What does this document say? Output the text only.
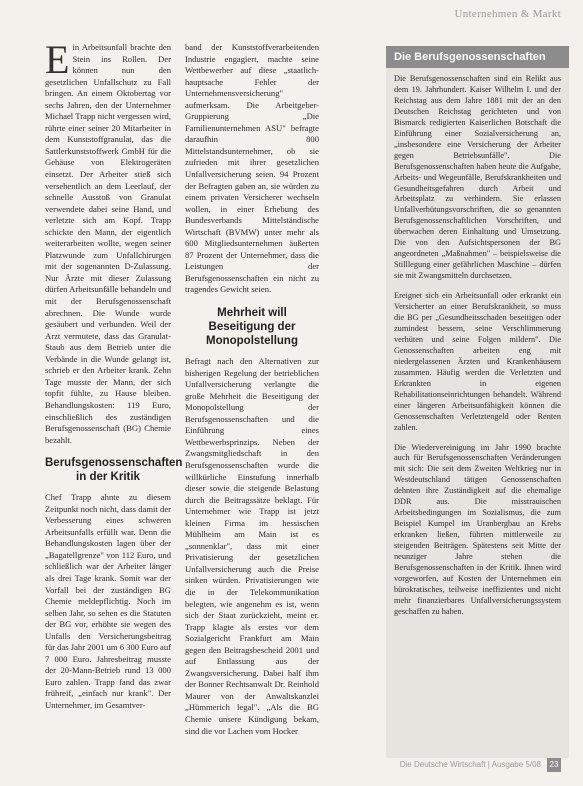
Unternehmen & Markt

Ein Arbeitsunfall brachte den Stein ins Rollen. Der können nun den gesetzlichen Unfallschutz zu Fall bringen. An einem Oktobertag vor sechs Jahren, den der Unternehmer Michael Trapp nicht vergessen wird, rührte einer seiner 20 Mitarbeiter in dem Kunststoffgranulat, das die Sattlerkunststoffwerk GmbH für die Gehäuse von Elektrogeräten einsetzt. Der Arbeiter stieß sich versehentlich an dem Leerlauf, der schnelle Ausstoß von Granulat verwendete dabei seine Hand, und verletzte sich am Kopf. Trapp schickte den Mann, der eigentlich weiterarbeiten wollte, wegen seiner Platzwunde zum Unfallchirurgen mit der sogenannten D-Zulassung. Nur Ärzte mit dieser Zulassung dürfen Arbeitsunfälle behandeln und mit der Berufsgenossenschaft abrechnen. Die Wunde wurde gesäubert und verbunden. Weil der Arzt vermutete, dass das Granulat-Staub aus dem Betrieb unter die Verbände in die Wunde gelangt ist, schrieb er den Arbeiter krank. Zehn Tage musste der Mann, der sich topfit fühlte, zu Hause bleiben. Behandlungskosten: 119 Euro, einschließlich des zuständigen Berufsgenossenschaft (BG) Chemie bezahlt.

Berufsgenossenschaften in der Kritik

Chef Trapp ahnte zu diesem Zeitpunkt noch nicht, dass damit der Verbesserung eines schweren Arbeitsunfalls erfüllt war. Denn die Behandlungskosten lagen über der „Bagatellgrenze" von 112 Euro, und schließlich war der Arbeiter länger als drei Tage krank. Somit war der Vorfall bei der zuständigen BG Chemie meldepflichtig. Noch im selben Jahr, so sehen es die Statuten der BG vor, erhöhte sie wegen des Unfalls den Versicherungsbeitrag für das Jahr 2001 um 6 300 Euro auf 7 000 Euro. Jahresbeitrag musste der 20-Mann-Betrieb rund 13 000 Euro zahlen. Trapp fand das zwar frühreif, „einfach nur krank". Der Unternehmer, im Gesamtver-

band der Kunststoffverarbeitenden Industrie engagiert, machte seine Wettbewerber auf diese „staatlich-hauptsache Fehler der Unternehmensversicherung" aufmerksam. Die Arbeitgeber-Gruppierung „Die Familienunternehmen ASU" befragte daraufhin 800 Mittelstandsunternehmer, ob sie zufrieden mit ihrer gesetzlichen Unfallversicherung seien. 94 Prozent der Befragten gaben an, sie würden zu einem privaten Versicherer wechseln wollen, in einer Erhebung des Bundesverbands Mittelständische Wirtschaft (BVMW) unter mehr als 600 Mitgliedsunternehmen äußerten 87 Prozent der Unternehmer, dass die Leistungen der Berufsgenossenschaften ein nicht zu tragendes Gewicht seien.

Mehrheit will Beseitigung der Monopolstellung

Befragt nach den Alternativen zur bisherigen Regelung der betrieblichen Unfallversicherung verlangte die große Mehrheit die Beseitigung der Monopolstellung der Berufsgenossenschaften und die Einführung eines Wettbewerbsprinzips. Neben der Zwangsmitgliedschaft in den Berufsgenossenschaften wurde die willkürliche Einstufung innerhalb dieser sowie die steigende Belastung durch die Beitragssätze beklagt. Für Unternehmer wie Trapp ist jetzt kleinen Firma im hessischen Mühlheim am Main ist es „sonnenklar", dass mit einer Privatisierung der gesetzlichen Unfallversicherung auch die Preise sinken würden. Privatisierungen wie die in der Telekommunikation belegten, wie angenehm es ist, wenn sich der Staat zurückzieht, meint er. Trapp klagte als erstes vor dem Sozialgericht Frankfurt am Main gegen den Beitragsbescheid 2001 und auf Entlassung aus der Zwangsversicherung. Dabei half ihm der Bonner Rechtsanwalt Dr. Reinhold Maurer von der Anwaltskanzlei „Hümmerich legal". „Als die BG Chemie unsere Kündigung bekam, sind die vor Lachen vom Hocker

Die Berufsgenossenschaften

Die Berufsgenossenschaften sind ein Relikt aus dem 19. Jahrhundert. Kaiser Wilhelm I. und der Reichstag aus dem Jahre 1881 mit der an den Deutschen Reichstag gerichteten und von Bismarck redigierten Kaiserlichen Botschaft die Einführung einer Sozialversicherung an, „insbesondere eine Versicherung der Arbeiter gegen Betriebsunfälle". Die Berufsgenossenschaften haben heute die Aufgabe, Arbeits- und Wegeunfälle, Berufskrankheiten und Gesundheitsgefahren durch Arbeit und Arbeitsplatz zu verhindern. Sie erlassen Unfallverhütungsvorschriften, die so genannten Berufsgenossenschaftlichen Vorschriften, und überwachen deren Einhaltung und Umsetzung. Die von den Aufsichtspersonen der BG angeordneten „Maßnahmen" – beispielsweise die Stilllegung einer gefährlichen Maschine – dürfen sie mit Zwangsmitteln durchsetzen.

Ereignet sich ein Arbeitsunfall oder erkrankt ein Versicherter an einer Berufskrankheit, so muss die BG per „Gesundheitsschaden beseitigen oder zumindest bessern, seine Verschlimmerung verhüten und seine Folgen mildern". Die Genossenschaften arbeiten eng mit niedergelassenen Ärzten und Krankenhäusern zusammen. Häufig werden die Verletzten und Erkrankten in eigenen Rehabilitationseinrichtungen behandelt. Während einer längeren Arbeitsunfähigkeit können die Genossenschaften Verletztengeld oder Renten zahlen.

Die Wiedervereinigung im Jahr 1990 brachte auch für Berufsgenossenschaften Veränderungen mit sich: Die seit dem Zweiten Weltkrieg nur in Westdeutschland tätigen Genossenschaften dehnten ihre Zuständigkeit auf die ehemalige DDR aus. Die misstrauischen Arbeitsbedingungen im Sozialismus, die zum Beispiel Kumpel im Uranbergbau an Krebs erkranken ließen, führten mittlerweile zu steigenden Beiträgen. Spätestens seit Mitte der neunziger Jahre stehen die Berufsgenossenschaften in der Kritik. Ihnen wird vorgeworfen, auf Kosten der Unternehmen ein bürokratisches, teilweise ineffizientes und nicht mehr finanzierbares Unfallversicherungssystem geschaffen zu haben.

Die Deutsche Wirtschaft | Ausgabe 5/08 23
